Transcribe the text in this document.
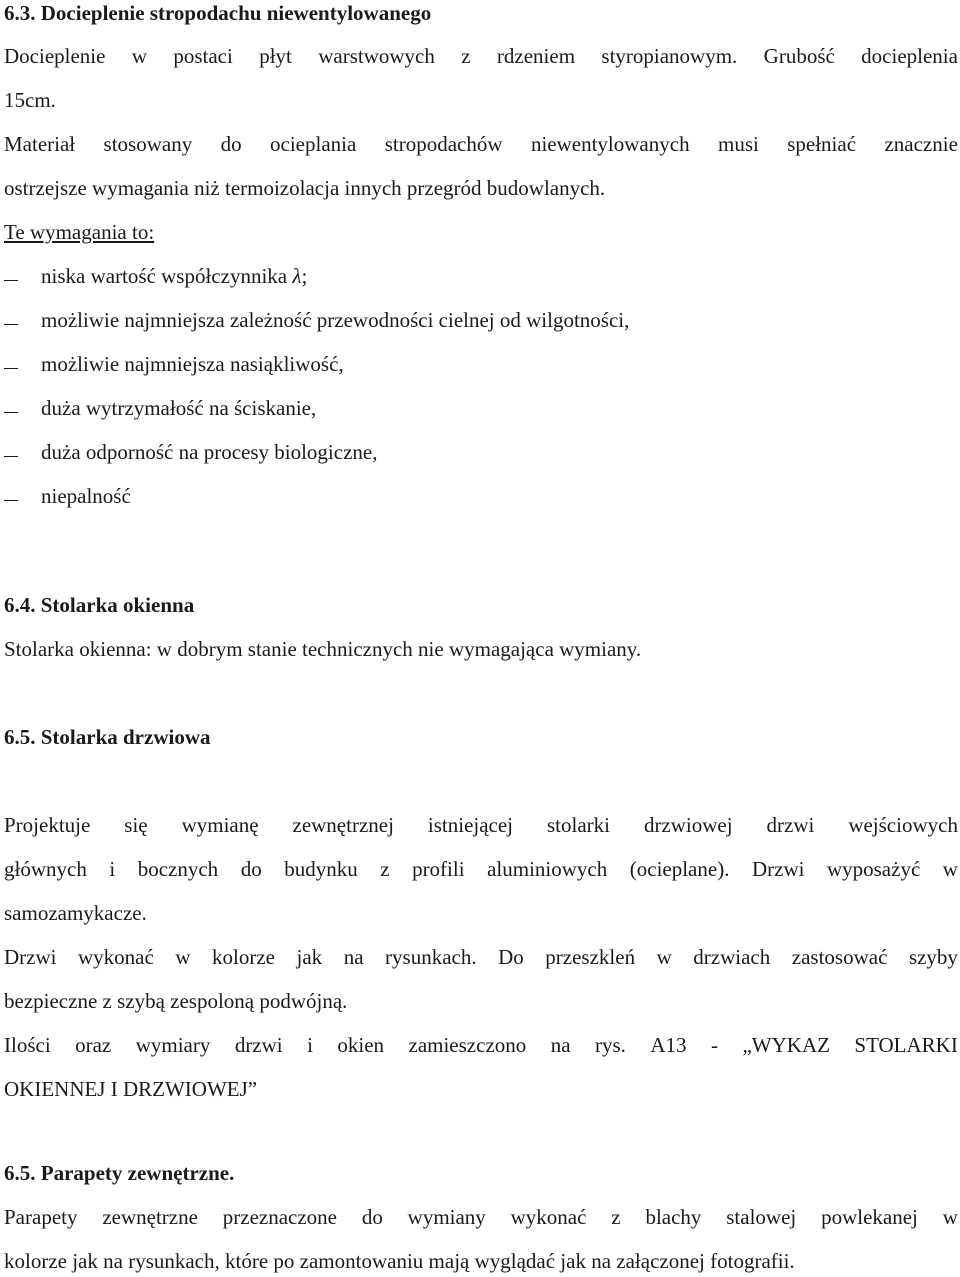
6.3. Docieplenie stropodachu niewentylowanego
Docieplenie w postaci płyt warstwowych z rdzeniem styropianowym. Grubość docieplenia
15cm.
Materiał stosowany do ocieplania stropodachów niewentylowanych musi spełniać znacznie
ostrzejsze wymagania niż termoizolacja innych przegród budowlanych.
Te wymagania to:
niska wartość współczynnika λ;
możliwie najmniejsza zależność przewodności cielnej od wilgotności,
możliwie najmniejsza nasiąkliwość,
duża wytrzymałość na ściskanie,
duża odporność na procesy biologiczne,
niepalność
6.4. Stolarka okienna
Stolarka okienna: w dobrym stanie technicznych nie wymagająca wymiany.
6.5. Stolarka drzwiowa
Projektuje się wymianę zewnętrznej istniejącej stolarki drzwiowej drzwi wejściowych
głównych i bocznych do budynku z profili aluminiowych (ocieplane). Drzwi wyposażyć w
samozamykacze.
Drzwi wykonać w kolorze jak na rysunkach. Do przeszkleń w drzwiach zastosować szyby
bezpieczne z szybą zespoloną podwójną.
Ilości oraz wymiary drzwi i okien zamieszczono na rys. A13 - „WYKAZ STOLARKI
OKIENNEJ I DRZWIOWEJ”
6.5. Parapety zewnętrzne.
Parapety zewnętrzne przeznaczone do wymiany wykonać z blachy stalowej powlekanej w
kolorze jak na rysunkach, które po zamontowaniu mają wyglądać jak na załączonej fotografii.
